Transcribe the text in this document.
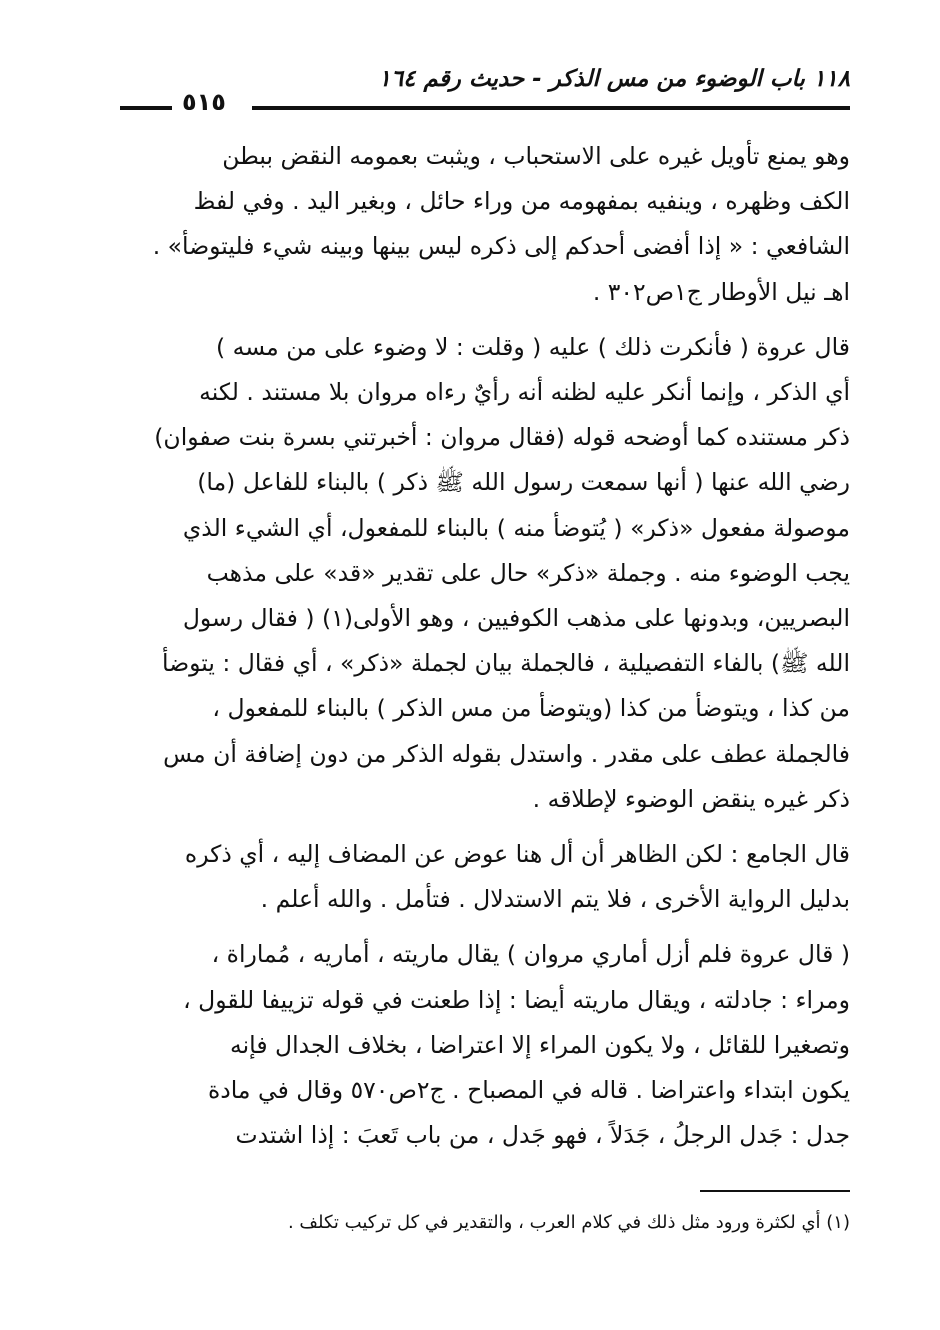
١١٨ باب الوضوء من مس الذكر - حديث رقم ١٦٤
٥١٥

وهو يمنع تأويل غيره على الاستحباب ، ويثبت بعمومه النقض ببطن
الكف وظهره ، وينفيه بمفهومه من وراء حائل ، وبغير اليد . وفي لفظ
الشافعي : « إذا أفضى أحدكم إلى ذكره ليس بينها وبينه شيء فليتوضأ» .
اهـ نيل الأوطار ج١ص٣٠٢ .

قال عروة ( فأنكرت ذلك ) عليه ( وقلت : لا وضوء على من مسه )
أي الذكر ، وإنما أنكر عليه لظنه أنه رأيٌ رءاه مروان بلا مستند . لكنه
ذكر مستنده كما أوضحه قوله (فقال مروان : أخبرتني بسرة بنت صفوان)
رضي الله عنها ( أنها سمعت رسول الله ﷺ ذكر ) بالبناء للفاعل (ما)
موصولة مفعول «ذكر» ( يُتوضأ منه ) بالبناء للمفعول، أي الشيء الذي
يجب الوضوء منه . وجملة «ذكر» حال على تقدير «قد» على مذهب
البصريين، وبدونها على مذهب الكوفيين ، وهو الأولى(١) ( فقال رسول
الله ﷺ) بالفاء التفصيلية ، فالجملة بيان لجملة «ذكر» ، أي فقال : يتوضأ
من كذا ، ويتوضأ من كذا (ويتوضأ من مس الذكر ) بالبناء للمفعول ،
فالجملة عطف على مقدر . واستدل بقوله الذكر من دون إضافة أن مس
ذكر غيره ينقض الوضوء لإطلاقه .

قال الجامع : لكن الظاهر أن أل هنا عوض عن المضاف إليه ، أي ذكره
بدليل الرواية الأخرى ، فلا يتم الاستدلال . فتأمل . والله أعلم .

( قال عروة فلم أزل أماري مروان ) يقال ماريته ، أماريه ، مُماراة ،
ومراء : جادلته ، ويقال ماريته أيضا : إذا طعنت في قوله تزييفا للقول ،
وتصغيرا للقائل ، ولا يكون المراء إلا اعتراضا ، بخلاف الجدال فإنه
يكون ابتداء واعتراضا . قاله في المصباح . ج٢ص٥٧٠ وقال في مادة
جدل : جَدل الرجلُ ، جَدَلاً ، فهو جَدل ، من باب تَعبَ : إذا اشتدت

(١) أي لكثرة ورود مثل ذلك في كلام العرب ، والتقدير في كل تركيب تكلف .
